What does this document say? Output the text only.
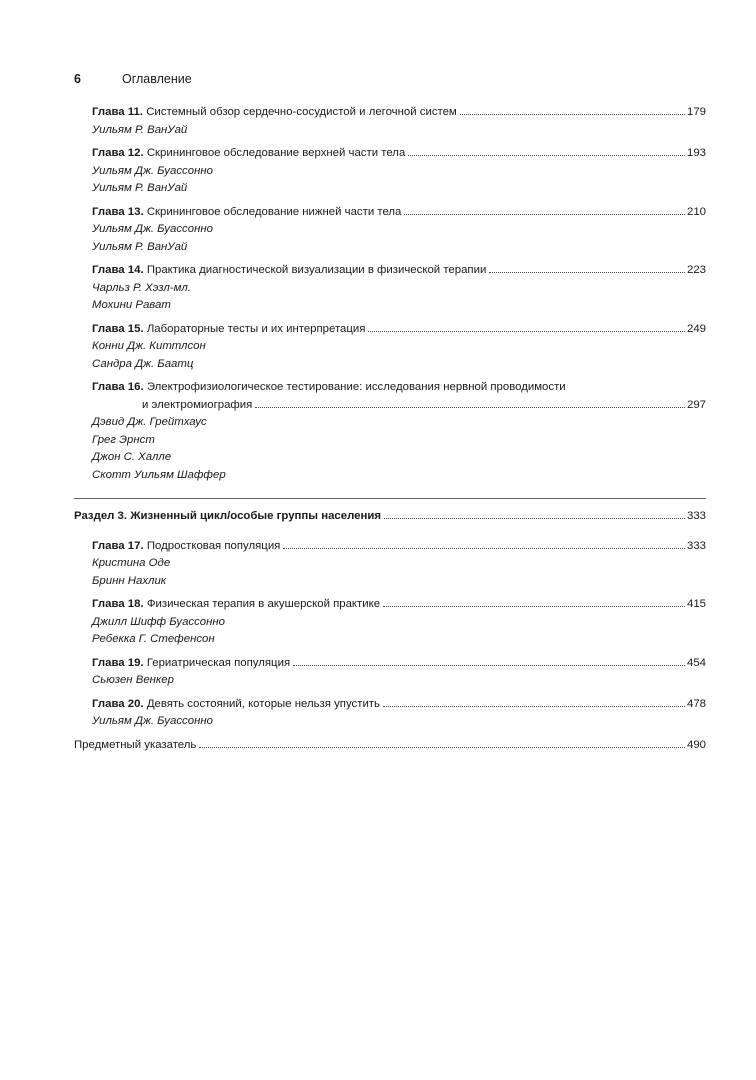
6	Оглавление
Глава 11. Системный обзор сердечно-сосудистой и легочной систем	179
Уильям Р. ВанУай
Глава 12. Скрининговое обследование верхней части тела	193
Уильям Дж. Буассонно
Уильям Р. ВанУай
Глава 13. Скрининговое обследование нижней части тела	210
Уильям Дж. Буассонно
Уильям Р. ВанУай
Глава 14. Практика диагностической визуализации в физической терапии	223
Чарльз Р. Хэзл-мл.
Мохини Рават
Глава 15. Лабораторные тесты и их интерпретация	249
Конни Дж. Киттлсон
Сандра Дж. Баатц
Глава 16. Электрофизиологическое тестирование: исследования нервной проводимости
и электромиография	297
Дэвид Дж. Грейтхаус
Грег Эрнст
Джон С. Халле
Скотт Уильям Шаффер
Раздел 3. Жизненный цикл/особые группы населения	333
Глава 17. Подростковая популяция	333
Кристина Оде
Бринн Нахлик
Глава 18. Физическая терапия в акушерской практике	415
Джилл Шифф Буассонно
Ребекка Г. Стефенсон
Глава 19. Гериатрическая популяция	454
Сьюзен Венкер
Глава 20. Девять состояний, которые нельзя упустить	478
Уильям Дж. Буассонно
Предметный указатель	490
